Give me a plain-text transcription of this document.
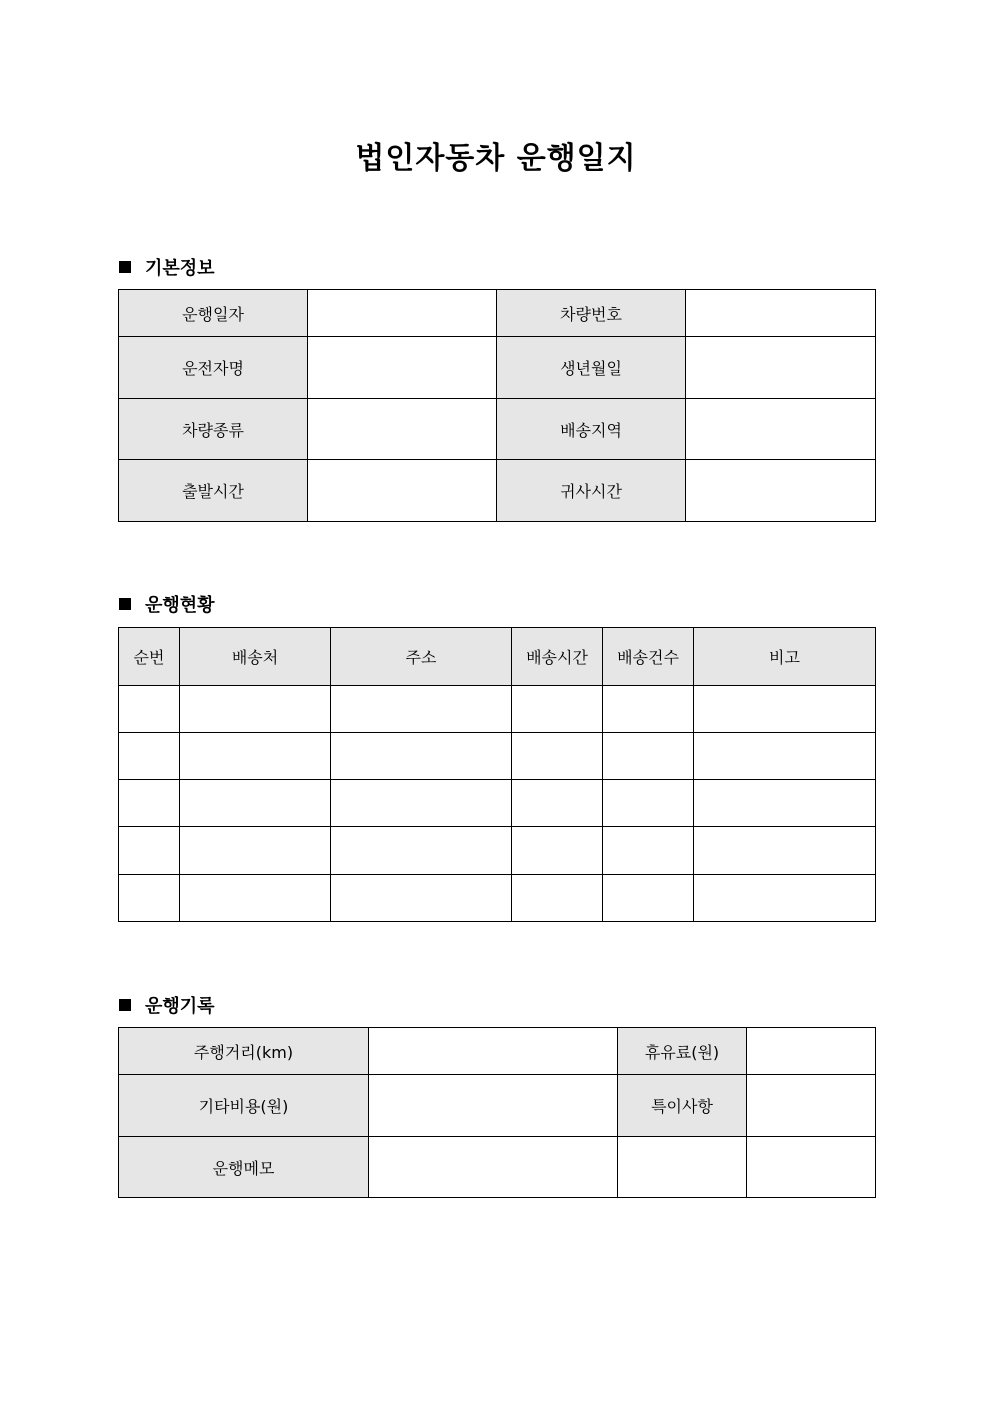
법인자동차 운행일지
기본정보
운행일자		차량번호	
운전자명		생년월일	
차량종류		배송지역	
출발시간		귀사시간	
운행현황
순번	배송처	주소	배송시간	배송건수	비고

운행기록
주행거리(km)		휴유료(원)	
기타비용(원)		특이사항	
운행메모			
